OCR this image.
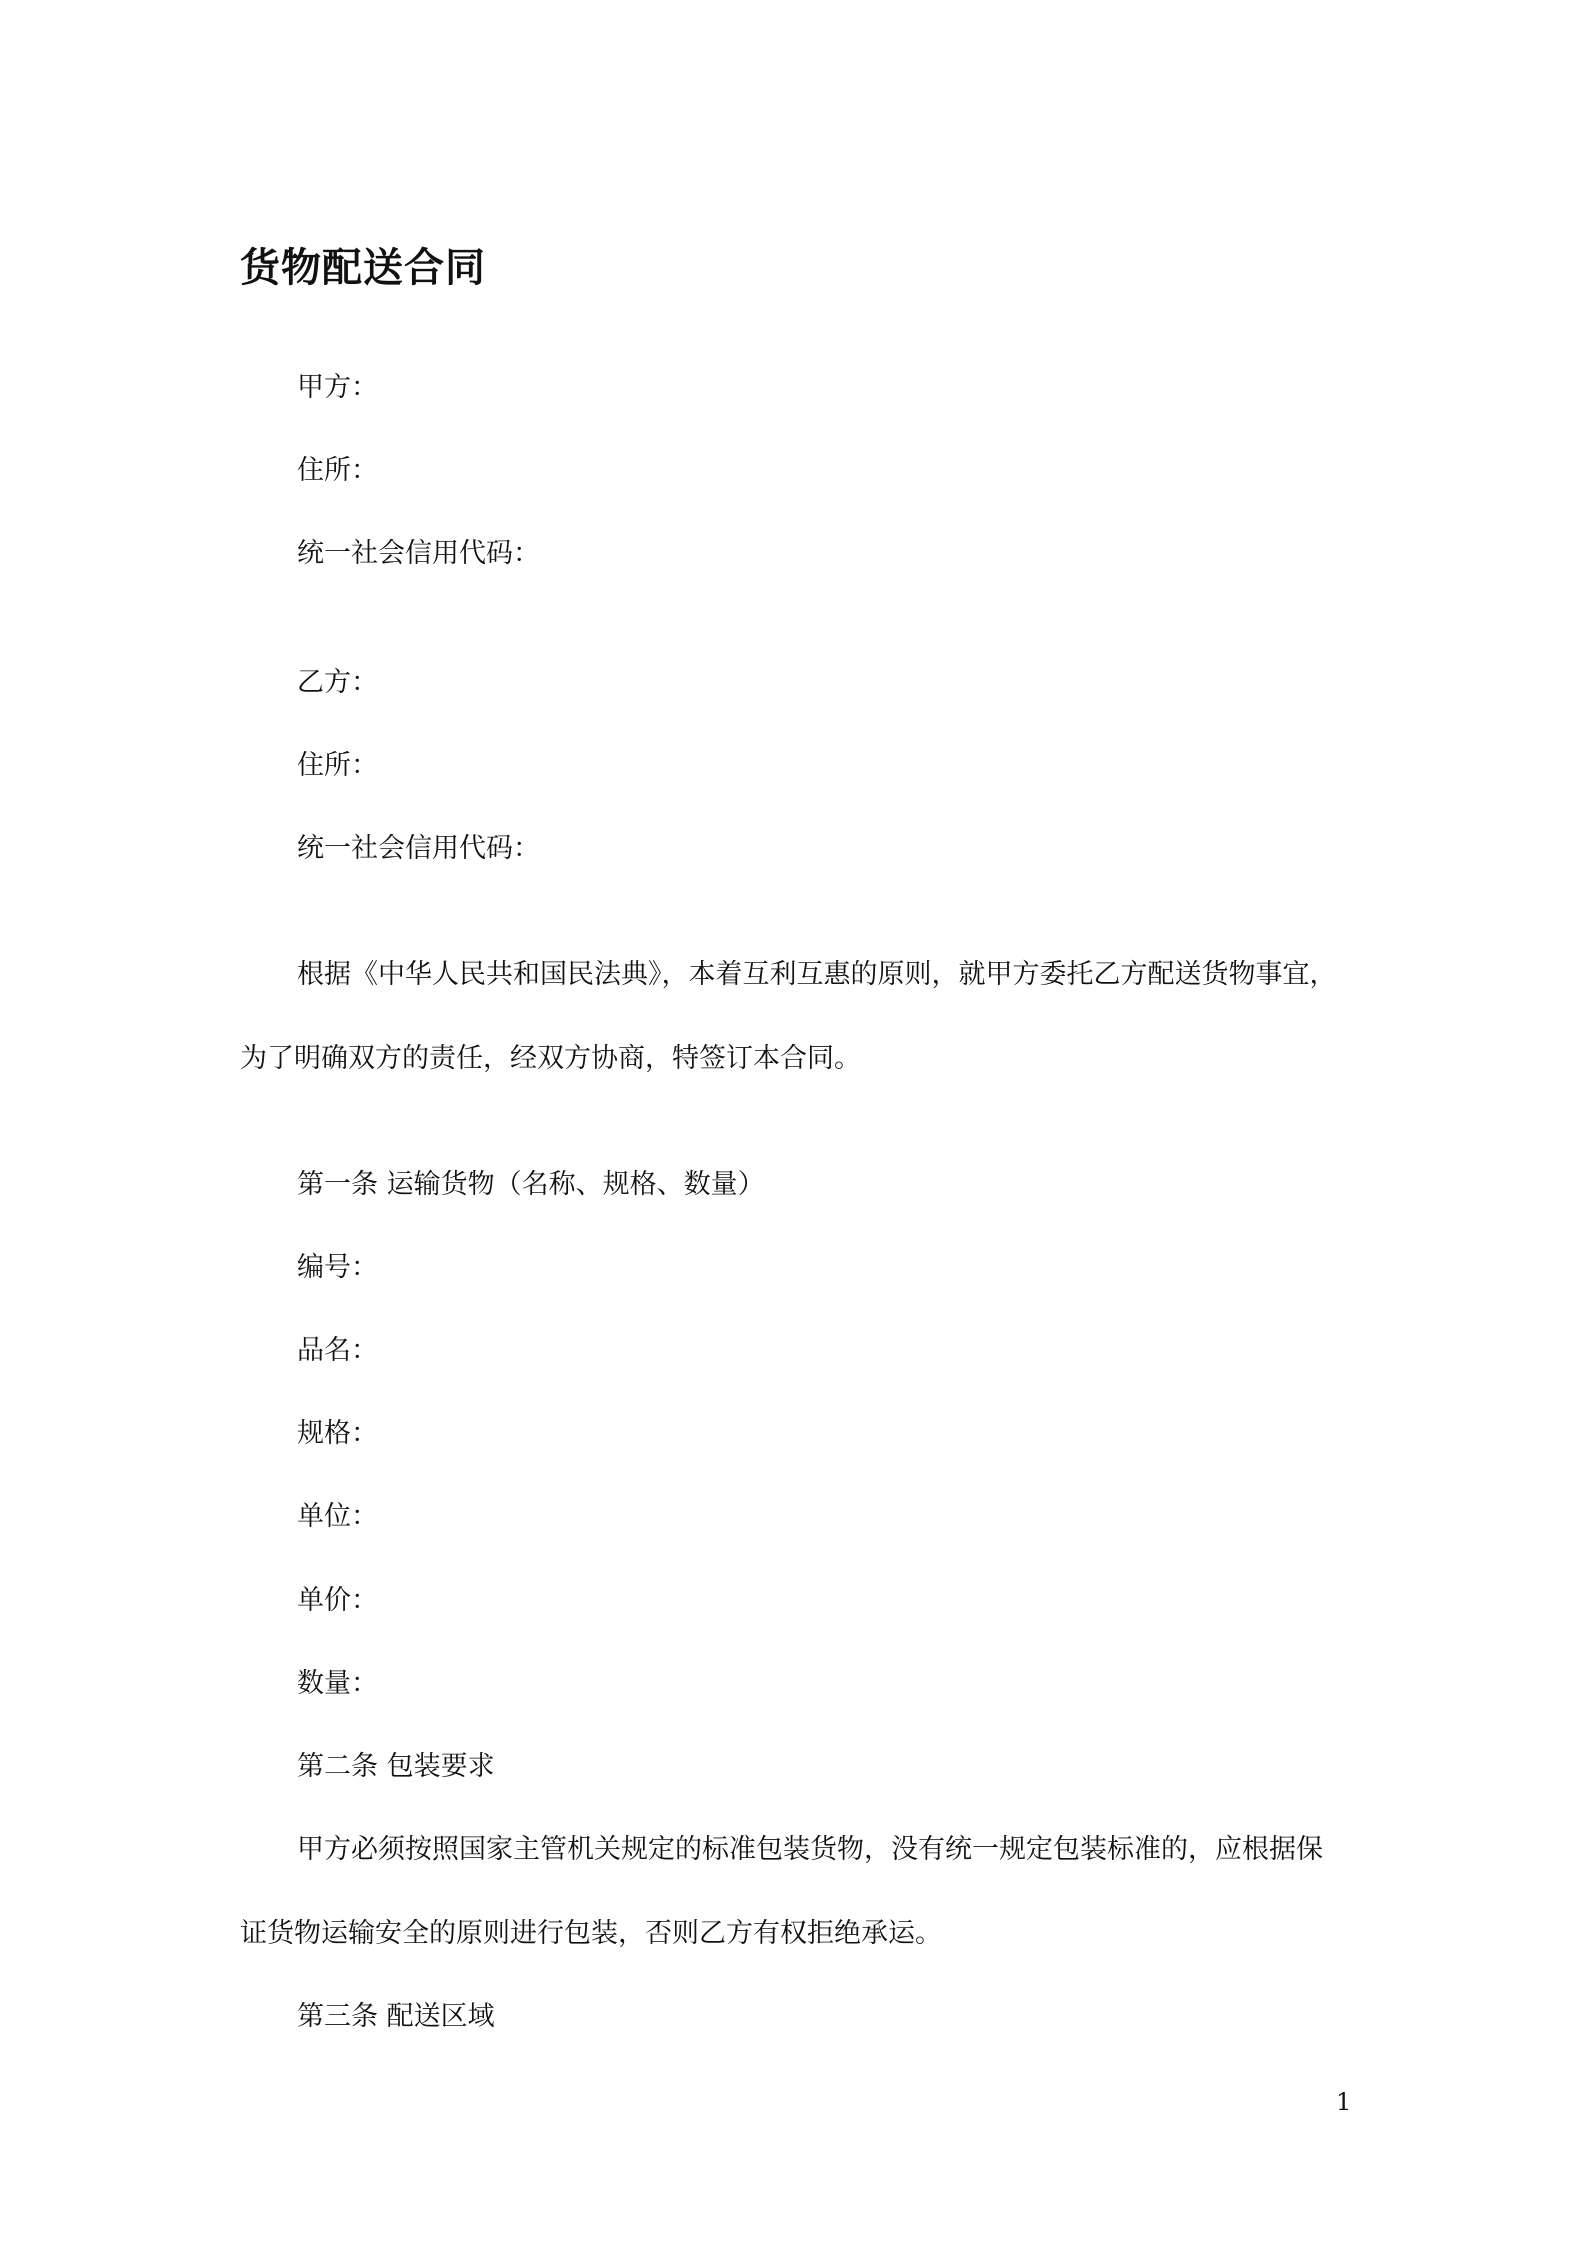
货物配送合同
甲方：
住所：
统一社会信用代码：
乙方：
住所：
统一社会信用代码：
根据《中华人民共和国民法典》，本着互利互惠的原则，就甲方委托乙方配送货物事宜，
为了明确双方的责任，经双方协商，特签订本合同。
第一条 运输货物（名称、规格、数量）
编号：
品名：
规格：
单位：
单价：
数量：
第二条 包装要求
甲方必须按照国家主管机关规定的标准包装货物，没有统一规定包装标准的，应根据保
证货物运输安全的原则进行包装，否则乙方有权拒绝承运。
第三条 配送区域
1
